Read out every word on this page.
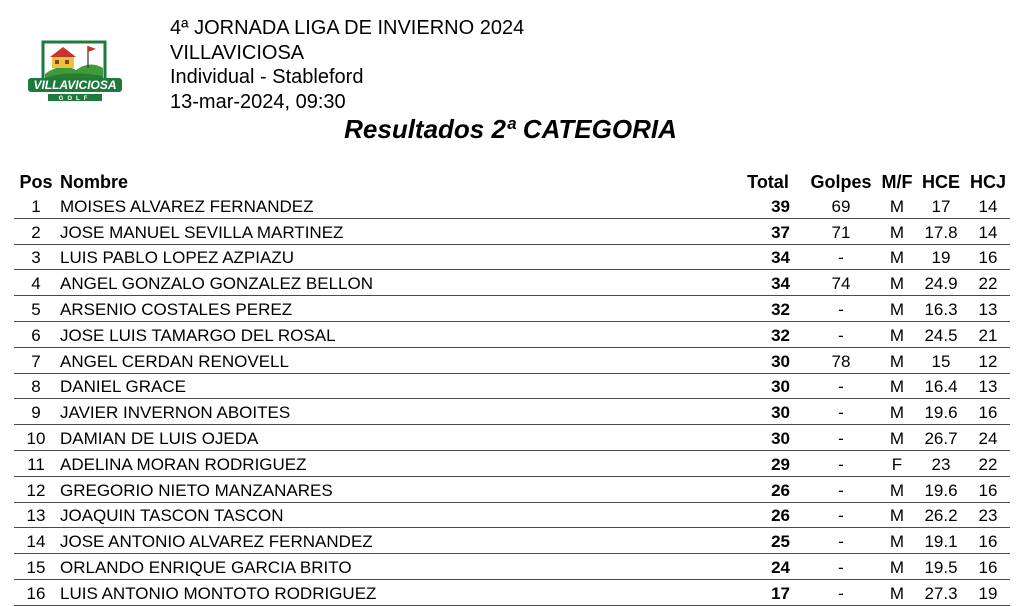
VILLAVICIOSA
GOLF
4ª JORNADA LIGA DE INVIERNO 2024
VILLAVICIOSA
Individual - Stableford
13-mar-2024, 09:30
Resultados 2ª CATEGORIA
Pos	Nombre	Total	Golpes	M/F	HCE	HCJ
1	MOISES ALVAREZ FERNANDEZ	39	69	M	17	14
2	JOSE MANUEL SEVILLA MARTINEZ	37	71	M	17.8	14
3	LUIS PABLO LOPEZ AZPIAZU	34	-	M	19	16
4	ANGEL GONZALO GONZALEZ BELLON	34	74	M	24.9	22
5	ARSENIO COSTALES PEREZ	32	-	M	16.3	13
6	JOSE LUIS TAMARGO DEL ROSAL	32	-	M	24.5	21
7	ANGEL CERDAN RENOVELL	30	78	M	15	12
8	DANIEL GRACE	30	-	M	16.4	13
9	JAVIER INVERNON ABOITES	30	-	M	19.6	16
10	DAMIAN DE LUIS OJEDA	30	-	M	26.7	24
11	ADELINA MORAN RODRIGUEZ	29	-	F	23	22
12	GREGORIO NIETO MANZANARES	26	-	M	19.6	16
13	JOAQUIN TASCON TASCON	26	-	M	26.2	23
14	JOSE ANTONIO ALVAREZ FERNANDEZ	25	-	M	19.1	16
15	ORLANDO ENRIQUE GARCIA BRITO	24	-	M	19.5	16
16	LUIS ANTONIO MONTOTO RODRIGUEZ	17	-	M	27.3	19
